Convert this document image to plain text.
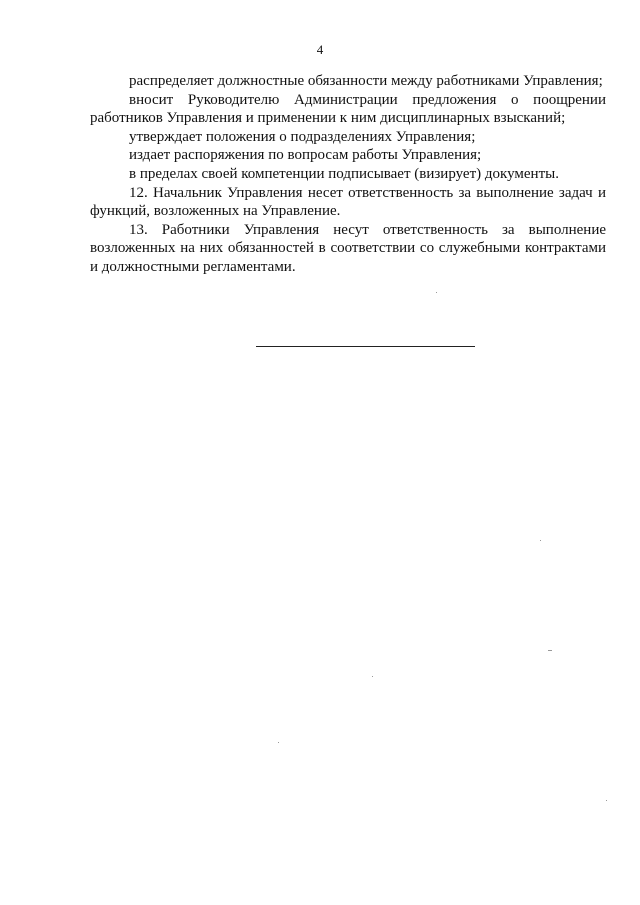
4

распределяет должностные обязанности между работниками Управления;

вносит Руководителю Администрации предложения о поощрении работников Управления и применении к ним дисциплинарных взысканий;

утверждает положения о подразделениях Управления;

издает распоряжения по вопросам работы Управления;

в пределах своей компетенции подписывает (визирует) документы.

12. Начальник Управления несет ответственность за выполнение задач и функций, возложенных на Управление.

13. Работники Управления несут ответственность за выполнение возложенных на них обязанностей в соответствии со служебными контрактами и должностными регламентами.
